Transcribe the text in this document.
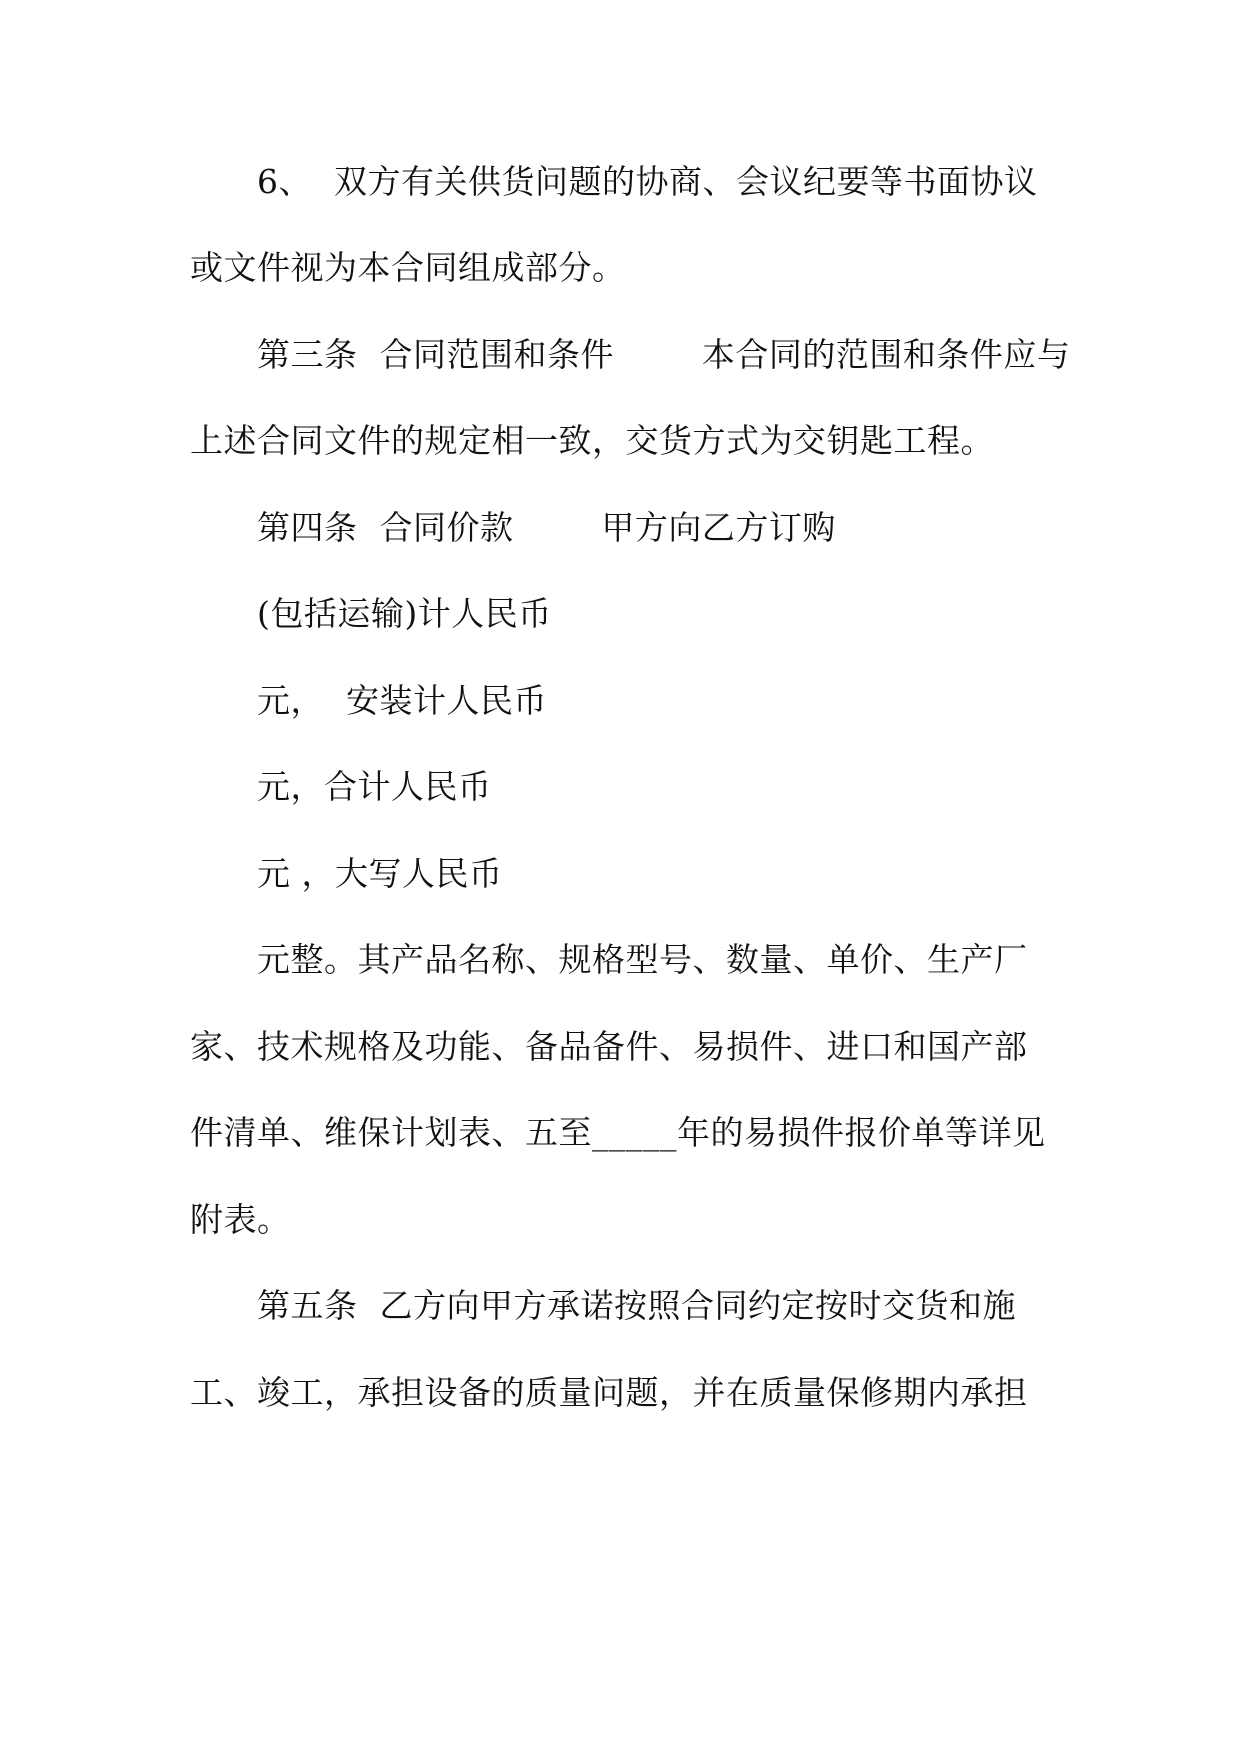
6、  双方有关供货问题的协商、会议纪要等书面协议
或文件视为本合同组成部分。
第三条  合同范围和条件        本合同的范围和条件应与
上述合同文件的规定相一致，交货方式为交钥匙工程。
第四条  合同价款        甲方向乙方订购
(包括运输)计人民币
元，  安装计人民币
元，合计人民币
元 ，大写人民币
元整。其产品名称、规格型号、数量、单价、生产厂
家、技术规格及功能、备品备件、易损件、进口和国产部
件清单、维保计划表、五至_____年的易损件报价单等详见
附表。
第五条  乙方向甲方承诺按照合同约定按时交货和施
工、竣工，承担设备的质量问题，并在质量保修期内承担
